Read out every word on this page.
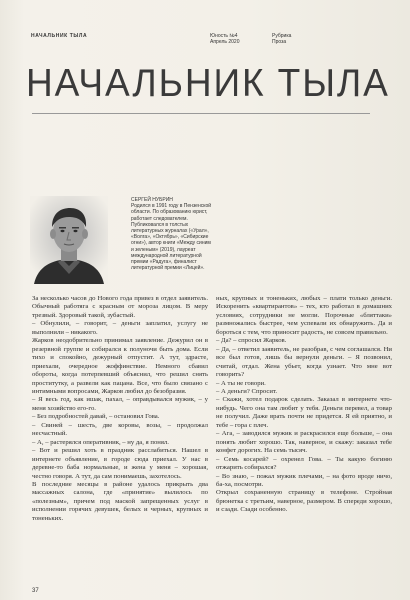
НАЧАЛЬНИК ТЫЛА	Юность №4
Апрель 2020
Рубрика
Проза
НАЧАЛЬНИК ТЫЛА
СЕРГЕЙ НУБРИН
Родился в 1991 году в Пензенской области. По образованию юрист, работает следователем. Публиковался в толстых литературных журналах («Урал», «Волга», «Октябрь», «Сибирские огни»), автор книги «Между синим и зеленым» (2019), лауреат международной литературной премии «Радуга», финалист литературной премии «Лицей».

За несколько часов до Нового года привез в отдел заявитель. Обычный работяга с красным от мороза лицом. В меру трезвый. Здоровый такой, зубастый.

– Обнулили, – говорит, – деньги заплатил, услугу не выполнили – никакого.

Жарков неодобрительно принимал заявление. Дежурил он в резервной группе и собирался к полуночи быть дома. Если тихо и спокойно, дежурный отпустит. А тут, здрасте, приехали, очередное жоффинствие. Немного сбавил обороты, когда потерпевший объяснил, что решил снять проститутку, а развели как пацана. Все, что было связано с интимными вопросами, Жарков любил до безобразия.

– Я весь год, как ишак, пахал, – оправдывался мужик, – у меня хозяйство его-го.

– Без подробностей давай, – остановил Гова.

– Свиней – шесть, две коровы, возы, – продолжал несчастный.

– А, – растерялся оперативник, – ну да, я понял.

– Вот и решил хоть в праздник расслабиться. Нашел в интернете объявление, в городе сюда приехал. У нас в деревне-то баба нормальные, и жена у меня – хорошая, честно говоря. А тут, да сам понимаешь, захотелось.

В последние месяцы в районе удалось прикрыть два массажных салона, где «принятие» вылилось по «полезным», причем под маской запрещенных услуг в исполнении горячих девушек, белых и черных, крупных и тоненьких.

ных, крупных и тоненьких, любых – плати только деньги. Искоренить «квартирантов» – тех, кто работал в домашних условиях, сотрудники не могли. Порочные «бляттаки» размножались быстрее, чем успевали их обнаружить. Да и бороться с тем, что приносит радость, не совсем правильно.

– Да? – спросил Жарков.

– Да, – ответил заявитель, не разобрав, с чем соглашался. Ни все был готов, лишь бы вернули деньги. – Я позвонил, считай, отдал. Жена убьет, когда узнает. Что мне вот говорить?

– А ты не говори.

– А деньги? Спросит.

– Скажи, хотел подарок сделать. Заказал в интернете что-нибудь. Чего она там любит у тебя. Деньги перевел, а товар не получил. Даже врать почти не придется. Я ей приятно, и тебе – гора с плеч.

– Ага, – заводился мужик и раскрасился еще больше, – она понять любит хорошо. Так, наверное, и скажу: заказал тебе конфет дорогих. На семь тысяч.

– Семь косарей? – охренел Гова. – Ты какую богиню отжарить собирался?

– Во знаю, – пожал мужик плечами, – на фото вроде ничо, ба-ха, посмотри.

Открыл сохраненную страницу в телефоне. Стройная брюнетка с третьим, наверное, размером. В спереди хорошо, и сзади. Сзади особенно.

37
